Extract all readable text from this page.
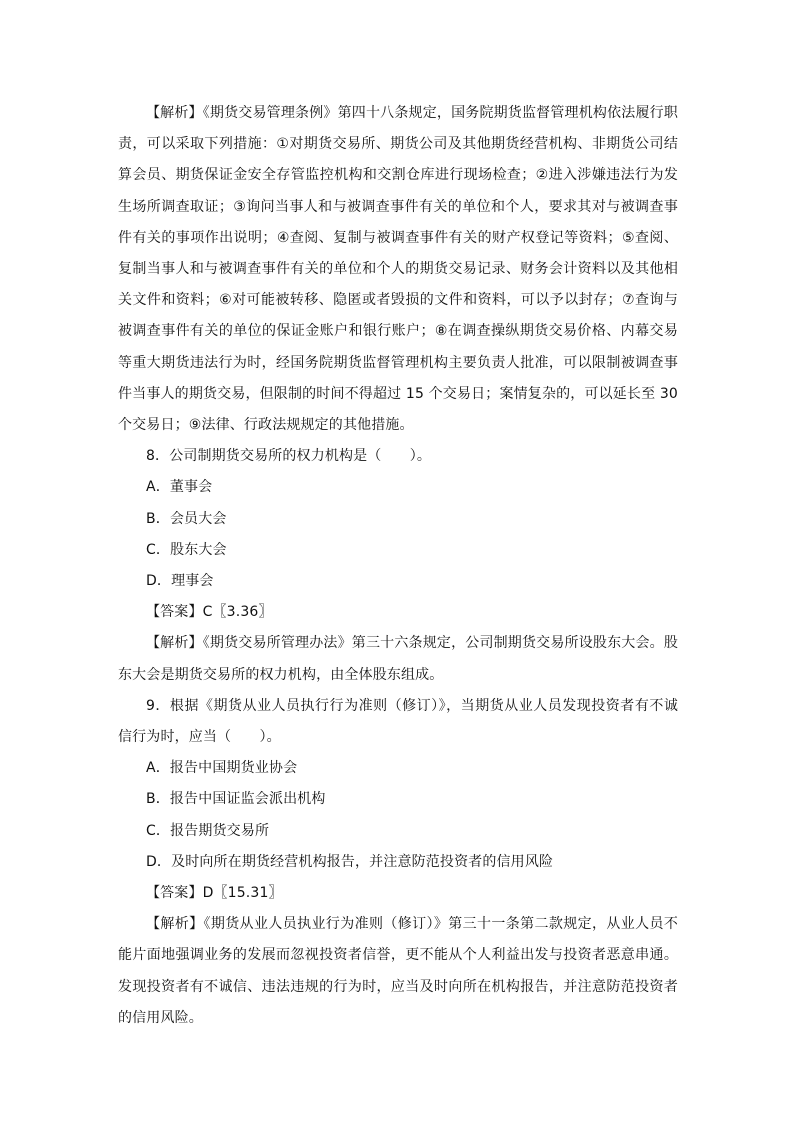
【解析】《期货交易管理条例》第四十八条规定，国务院期货监督管理机构依法履行职责，可以采取下列措施：①对期货交易所、期货公司及其他期货经营机构、非期货公司结算会员、期货保证金安全存管监控机构和交割仓库进行现场检查；②进入涉嫌违法行为发生场所调查取证；③询问当事人和与被调查事件有关的单位和个人，要求其对与被调查事件有关的事项作出说明；④查阅、复制与被调查事件有关的财产权登记等资料；⑤查阅、复制当事人和与被调查事件有关的单位和个人的期货交易记录、财务会计资料以及其他相关文件和资料；⑥对可能被转移、隐匿或者毁损的文件和资料，可以予以封存；⑦查询与被调查事件有关的单位的保证金账户和银行账户；⑧在调查操纵期货交易价格、内幕交易等重大期货违法行为时，经国务院期货监督管理机构主要负责人批准，可以限制被调查事件当事人的期货交易，但限制的时间不得超过 15 个交易日；案情复杂的，可以延长至 30 个交易日；⑨法律、行政法规规定的其他措施。

8．公司制期货交易所的权力机构是（　　）。

A．董事会

B．会员大会

C．股东大会

D．理事会

【答案】C〖3.36〗

【解析】《期货交易所管理办法》第三十六条规定，公司制期货交易所设股东大会。股东大会是期货交易所的权力机构，由全体股东组成。

9．根据《期货从业人员执行行为准则（修订）》，当期货从业人员发现投资者有不诚信行为时，应当（　　）。

A．报告中国期货业协会

B．报告中国证监会派出机构

C．报告期货交易所

D．及时向所在期货经营机构报告，并注意防范投资者的信用风险

【答案】D〖15.31〗

【解析】《期货从业人员执业行为准则（修订）》第三十一条第二款规定，从业人员不能片面地强调业务的发展而忽视投资者信誉，更不能从个人利益出发与投资者恶意串通。发现投资者有不诚信、违法违规的行为时，应当及时向所在机构报告，并注意防范投资者的信用风险。
